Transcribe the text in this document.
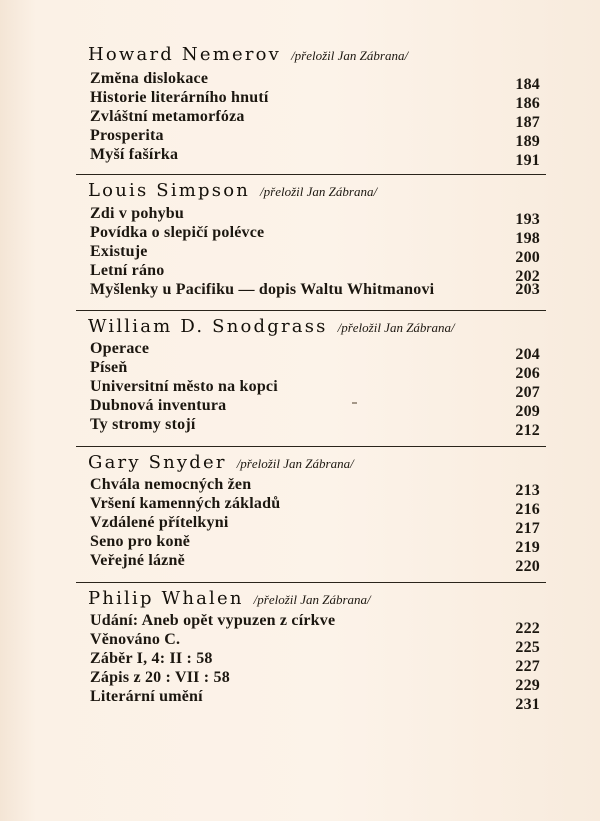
Howard Nemerov /přeložil Jan Zábrana/
Změna dislokace	184
Historie literárního hnutí	186
Zvláštní metamorfóza	187
Prosperita	189
Myší fašírka	191
Louis Simpson /přeložil Jan Zábrana/
Zdi v pohybu	193
Povídka o slepičí polévce	198
Existuje	200
Letní ráno	202
Myšlenky u Pacifiku — dopis Waltu Whitmanovi	203
William D. Snodgrass /přeložil Jan Zábrana/
Operace	204
Píseň	206
Universitní město na kopci	207
Dubnová inventura	209
Ty stromy stojí	212
Gary Snyder /přeložil Jan Zábrana/
Chvála nemocných žen	213
Vršení kamenných základů	216
Vzdálené přítelkyni	217
Seno pro koně	219
Veřejné lázně	220
Philip Whalen /přeložil Jan Zábrana/
Udání: Aneb opět vypuzen z církve	222
Věnováno C.	225
Záběr I, 4: II : 58	227
Zápis z 20 : VII : 58	229
Literární umění	231
